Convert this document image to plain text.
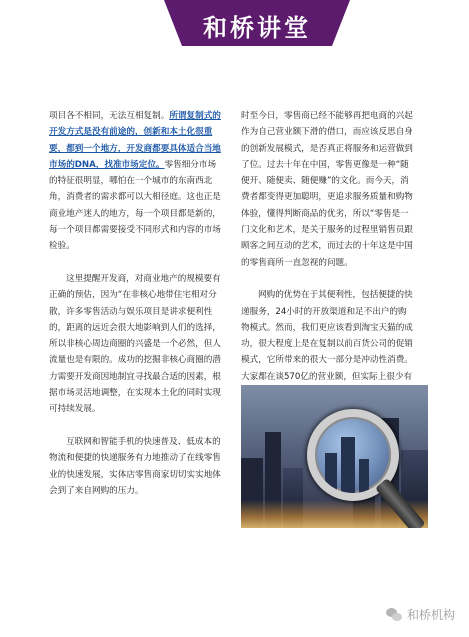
和桥讲堂

项目各不相同，无法互相复制。所谓复制式的开发方式是没有前途的，创新和本土化很重要，都到一个地方，开发商都要具体适合当地市场的DNA，找准市场定位。零售细分市场的特征很明显，哪怕在一个城市的东南西北角，消费者的需求都可以大相径庭。这也正是商业地产迷人的地方，每一个项目都是新的，每一个项目都需要接受不同形式和内容的市场检验。

这里提醒开发商，对商业地产的规模要有正确的预估，因为“在非核心地带住宅相对分散，许多零售活动与娱乐项目是讲求便利性的，距离的远近会很大地影响到人们的选择，所以非核心周边商圈的兴盛是一个必然，但人流量也是有限的。成功的挖掘非核心商圈的潜力需要开发商因地制宜寻找最合适的因素，根据市场灵活地调整，在实现本土化的同时实现可持续发展。

互联网和智能手机的快速普及、低成本的物流和便捷的快递服务有力地推动了在线零售业的快速发展，实体店零售商家切切实实地体会到了来自网购的压力。

时至今日，零售商已经不能够再把电商的兴起作为自己营业额下滑的借口，而应该反思自身的创新发展模式，是否真正将服务和运营做到了位。过去十年在中国，零售更像是一种“随便开、随便卖、随便赚”的文化。而今天，消费者都变得更加聪明，更追求服务质量和购物体验，懂得判断商品的优劣，所以“零售是一门文化和艺术，是关于服务的过程里销售员跟顾客之间互动的艺术，而过去的十年这是中国的零售商所一直忽视的问题。

网购的优势在于其便利性，包括便捷的快递服务，24小时的开放渠道和足不出户的购物模式。然而，我们更应该看到淘宝天猫的成功，很大程度上是在复制以前百货公司的促销模式，它所带来的很大一部分是冲动性消费。大家都在谈570亿的营业额，但实际上很少有

和桥机构
